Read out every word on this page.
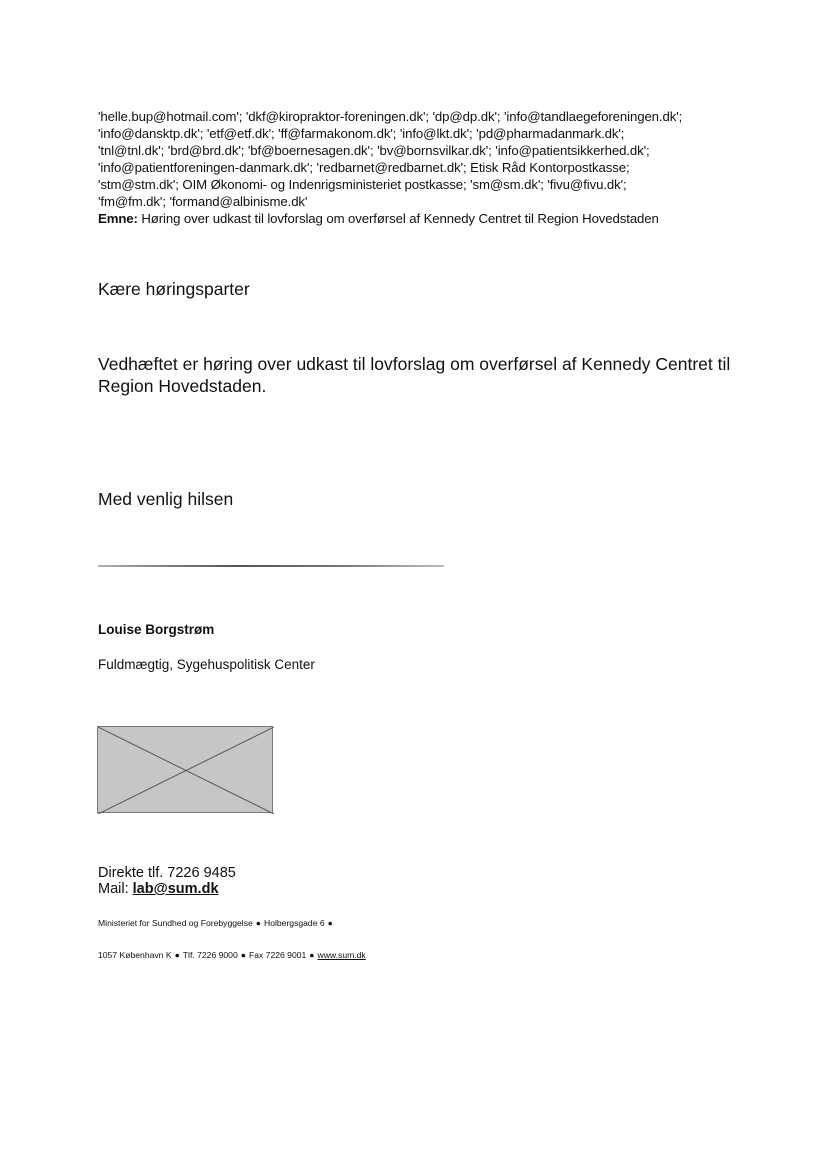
'helle.bup@hotmail.com'; 'dkf@kiropraktor-foreningen.dk'; 'dp@dp.dk'; 'info@tandlaegeforeningen.dk';
'info@dansktp.dk'; 'etf@etf.dk'; 'ff@farmakonom.dk'; 'info@lkt.dk'; 'pd@pharmadanmark.dk';
'tnl@tnl.dk'; 'brd@brd.dk'; 'bf@boernesagen.dk'; 'bv@bornsvilkar.dk'; 'info@patientsikkerhed.dk';
'info@patientforeningen-danmark.dk'; 'redbarnet@redbarnet.dk'; Etisk Råd Kontorpostkasse;
'stm@stm.dk'; OIM Økonomi- og Indenrigsministeriet postkasse; 'sm@sm.dk'; 'fivu@fivu.dk';
'fm@fm.dk'; 'formand@albinisme.dk'
Emne: Høring over udkast til lovforslag om overførsel af Kennedy Centret til Region Hovedstaden
Kære høringsparter
Vedhæftet er høring over udkast til lovforslag om overførsel af Kennedy Centret til Region Hovedstaden.
Med venlig hilsen
Louise Borgstrøm
Fuldmægtig, Sygehuspolitisk Center
Direkte tlf. 7226 9485
Mail: lab@sum.dk
Ministeriet for Sundhed og Forebyggelse ● Holbergsgade 6 ●
1057 København K ● Tlf. 7226 9000 ● Fax 7226 9001 ● www.sum.dk
